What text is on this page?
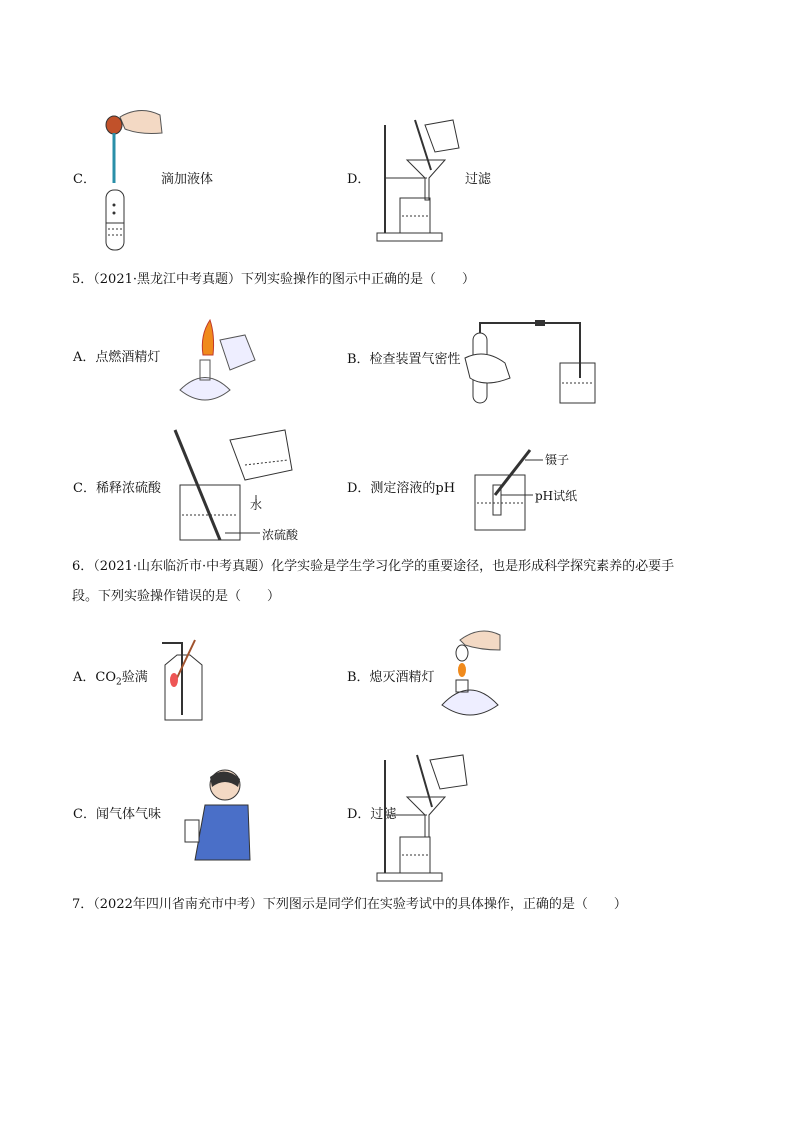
C．	滴加液体	D．	过滤
5．（2021·黑龙江中考真题）下列实验操作的图示中正确的是（　　）
A．点燃酒精灯	B．检查装置气密性
C．稀释浓硫酸
水
浓硫酸
D．测定溶液的pH
镊子
pH试纸
6．（2021·山东临沂市·中考真题）化学实验是学生学习化学的重要途径，也是形成科学探究素养的必要手
段。下列实验操作错误的是（　　）
A．$CO_2$验满	B．熄灭酒精灯
C．闻气体气味	D．过滤
7．（2022年四川省南充市中考）下列图示是同学们在实验考试中的具体操作，正确的是（　　）
